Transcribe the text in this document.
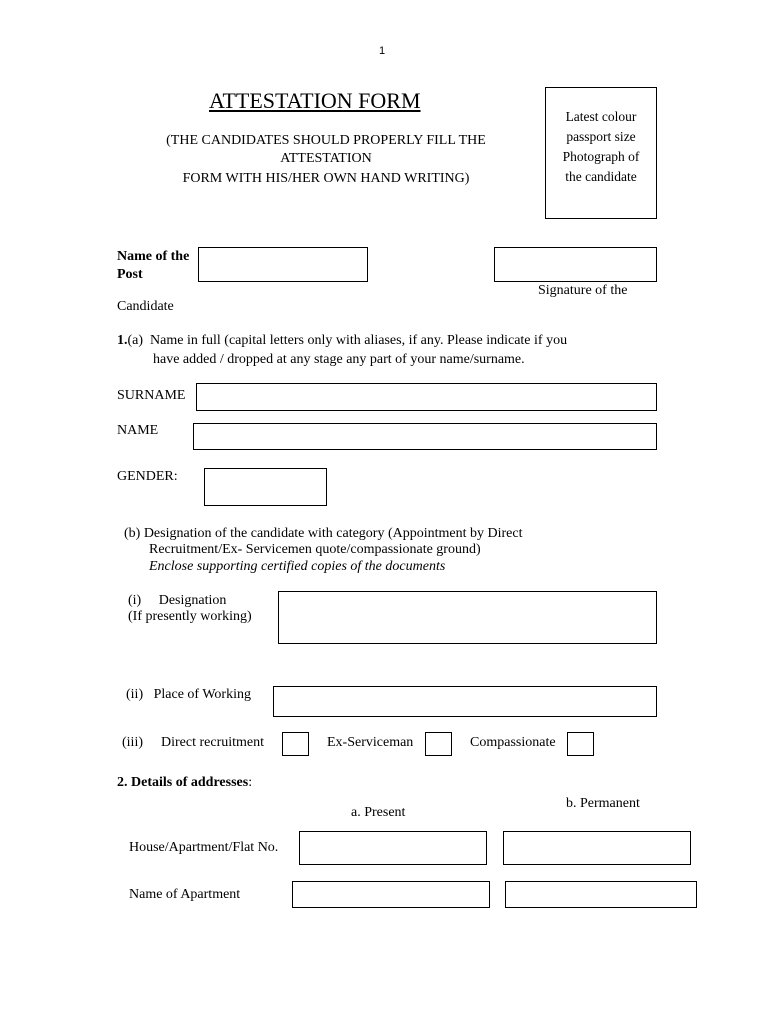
1
ATTESTATION FORM
(THE CANDIDATES SHOULD PROPERLY FILL THE
ATTESTATION
FORM WITH HIS/HER OWN HAND WRITING)
Latest colour
passport size
Photograph of
the candidate
Name of the
Post
Signature of the
Candidate
1.(a) Name in full (capital letters only with aliases, if any. Please indicate if you
have added / dropped at any stage any part of your name/surname.
SURNAME
NAME
GENDER:
(b) Designation of the candidate with category (Appointment by Direct
Recruitment/Ex- Servicemen quote/compassionate ground)
Enclose supporting certified copies of the documents
(i) Designation
(If presently working)
(ii) Place of Working
(iii) Direct recruitment	Ex-Serviceman	Compassionate
2. Details of addresses:
b. Permanent
a. Present
House/Apartment/Flat No.
Name of Apartment
